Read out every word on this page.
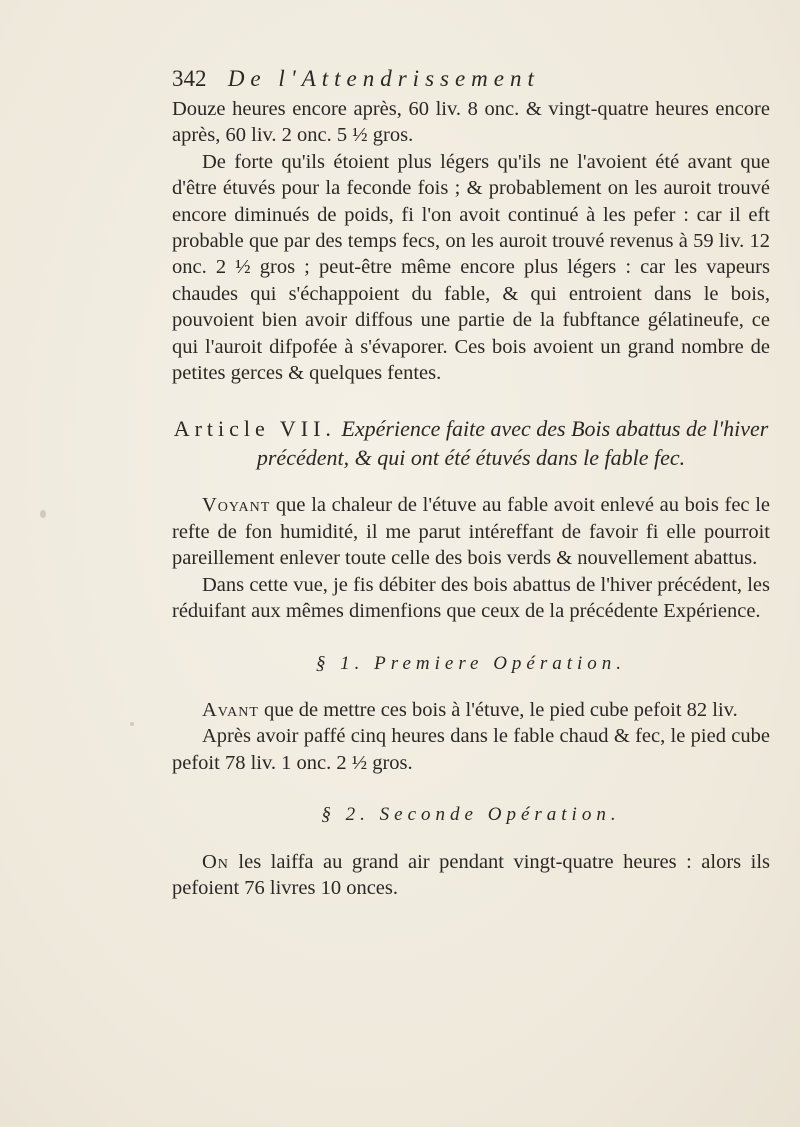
342 De l'Attendrissement

Douze heures encore après, 60 liv. 8 onc. & vingt-quatre heures encore après, 60 liv. 2 onc. 5 ½ gros.

De forte qu'ils étoient plus légers qu'ils ne l'avoient été avant que d'être étuvés pour la feconde fois ; & probablement on les auroit trouvé encore diminués de poids, fi l'on avoit continué à les pefer : car il eft probable que par des temps fecs, on les auroit trouvé revenus à 59 liv. 12 onc. 2 ½ gros ; peut-être même encore plus légers : car les vapeurs chaudes qui s'échappoient du fable, & qui entroient dans le bois, pouvoient bien avoir diffous une partie de la fubftance gélatineufe, ce qui l'auroit difpofée à s'évaporer. Ces bois avoient un grand nombre de petites gerces & quelques fentes.

Article VII. Expérience faite avec des Bois abattus de l'hiver précédent, & qui ont été étuvés dans le fable fec.

Voyant que la chaleur de l'étuve au fable avoit enlevé au bois fec le refte de fon humidité, il me parut intéreffant de favoir fi elle pourroit pareillement enlever toute celle des bois verds & nouvellement abattus.

Dans cette vue, je fis débiter des bois abattus de l'hiver précédent, les réduifant aux mêmes dimenfions que ceux de la précédente Expérience.

§ 1. Premiere Opération.

Avant que de mettre ces bois à l'étuve, le pied cube pefoit 82 liv.

Après avoir paffé cinq heures dans le fable chaud & fec, le pied cube pefoit 78 liv. 1 onc. 2 ½ gros.

§ 2. Seconde Opération.

On les laiffa au grand air pendant vingt-quatre heures : alors ils pefoient 76 livres 10 onces.
